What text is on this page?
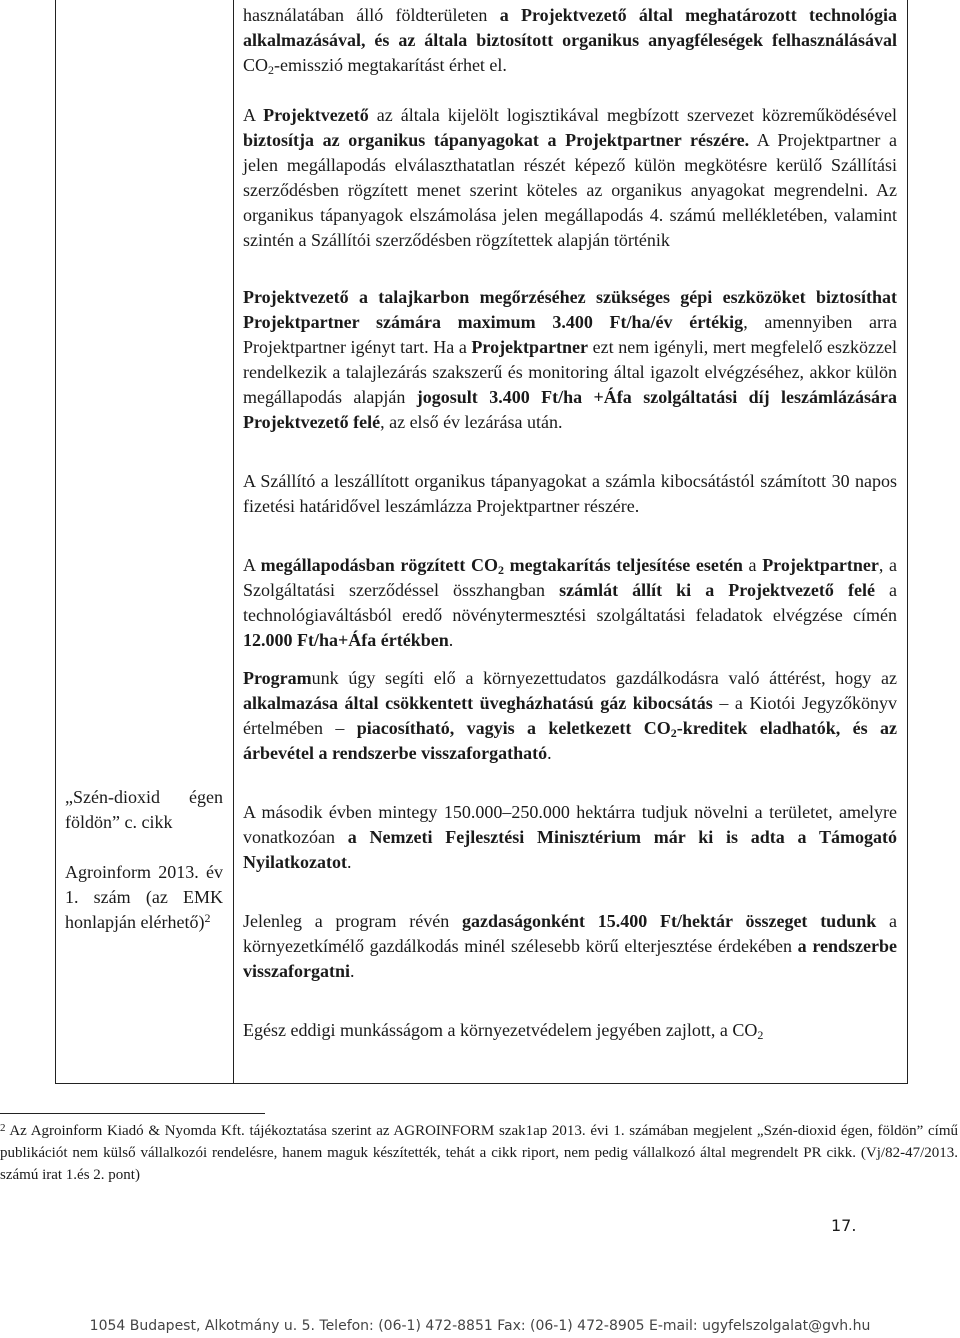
„Szén-dioxid égen földön” c. cikk

Agroinform 2013. év 1. szám (az EMK honlapján elérhető)$^2$

használatában álló földterületen a Projektvezető által meghatározott technológia alkalmazásával, és az általa biztosított organikus anyagféleségek felhasználásával $CO_2$-emisszió megtakarítást érhet el.

A Projektvezető az általa kijelölt logisztikával megbízott szervezet közreműködésével biztosítja az organikus tápanyagokat a Projektpartner részére. A Projektpartner a jelen megállapodás elválaszthatatlan részét képező külön megkötésre kerülő Szállítási szerződésben rögzített menet szerint köteles az organikus anyagokat megrendelni. Az organikus tápanyagok elszámolása jelen megállapodás 4. számú mellékletében, valamint szintén a Szállítói szerződésben rögzítettek alapján történik

Projektvezető a talajkarbon megőrzéséhez szükséges gépi eszközöket biztosíthat Projektpartner számára maximum 3.400 Ft/ha/év értékig, amennyiben arra Projektpartner igényt tart. Ha a Projektpartner ezt nem igényli, mert megfelelő eszközzel rendelkezik a talajlezárás szakszerű és monitoring által igazolt elvégzéséhez, akkor külön megállapodás alapján jogosult 3.400 Ft/ha +Áfa szolgáltatási díj leszámlázására Projektvezető felé, az első év lezárása után.

A Szállító a leszállított organikus tápanyagokat a számla kibocsátástól számított 30 napos fizetési határidővel leszámlázza Projektpartner részére.

A megállapodásban rögzített CO2 megtakarítás teljesítése esetén a Projektpartner, a Szolgáltatási szerződéssel összhangban számlát állít ki a Projektvezető felé a technológiaváltásból eredő növénytermesztési szolgáltatási feladatok elvégzése címén 12.000 Ft/ha+Áfa értékben.

Programunk úgy segíti elő a környezettudatos gazdálkodásra való áttérést, hogy az alkalmazása által csökkentett üvegházhatású gáz kibocsátás – a Kiotói Jegyzőkönyv értelmében – piacosítható, vagyis a keletkezett CO2-kreditek eladhatók, és az árbevétel a rendszerbe visszaforgatható.

A második évben mintegy 150.000–250.000 hektárra tudjuk növelni a területet, amelyre vonatkozóan a Nemzeti Fejlesztési Minisztérium már ki is adta a Támogató Nyilatkozatot.

Jelenleg a program révén gazdaságonként 15.400 Ft/hektár összeget tudunk a környezetkímélő gazdálkodás minél szélesebb körű elterjesztése érdekében a rendszerbe visszaforgatni.

Egész eddigi munkásságom a környezetvédelem jegyében zajlott, a $CO_2$

$^2$ Az Agroinform Kiadó & Nyomda Kft. tájékoztatása szerint az AGROINFORM szak1ap 2013. évi 1. számában megjelent „Szén-dioxid égen, földön” című publikációt nem külső vállalkozói rendelésre, hanem maguk készítették, tehát a cikk riport, nem pedig vállalkozó által megrendelt PR cikk. (Vj/82-47/2013. számú irat 1.és 2. pont)
17.
1054 Budapest, Alkotmány u. 5. Telefon: (06-1) 472-8851 Fax: (06-1) 472-8905 E-mail: ugyfelszolgalat@gvh.hu
